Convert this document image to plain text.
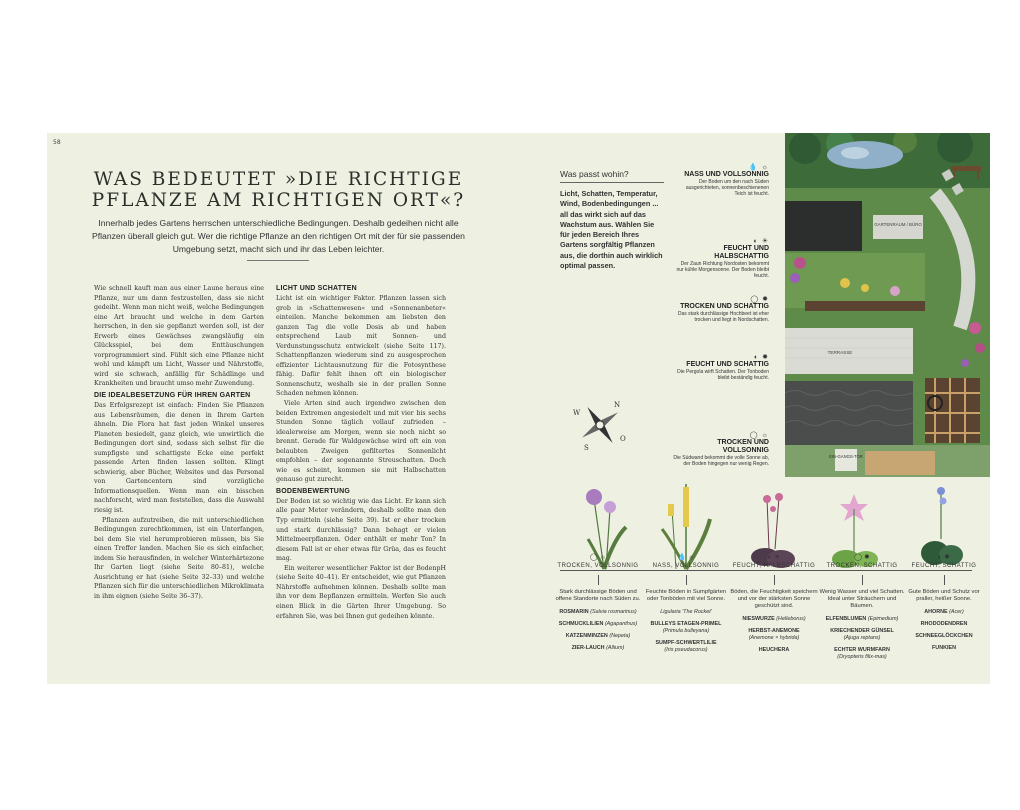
58
WAS BEDEUTET »DIE RICHTIGE
PFLANZE AM RICHTIGEN ORT«?
Innerhalb jedes Gartens herrschen unterschiedliche Bedingungen. Deshalb gedeihen nicht alle Pflanzen überall gleich gut. Wer die richtige Pflanze an den richtigen Ort mit der für sie passenden Umgebung setzt, macht sich und ihr das Leben leichter.

Wie schnell kauft man aus einer Laune heraus eine Pflanze, nur um dann festzustellen, dass sie nicht gedeiht. Wenn man nicht weiß, welche Bedingungen eine Art braucht und welche in dem Garten herrschen, in den sie gepflanzt werden soll, ist der Erwerb eines Gewächses zwangsläufig ein Glücksspiel, bei dem Enttäuschungen vorprogrammiert sind. Fühlt sich eine Pflanze nicht wohl und kämpft um Licht, Wasser und Nährstoffe, wird sie schwach, anfällig für Schädlinge und Krankheiten und braucht umso mehr Zuwendung.

DIE IDEALBESETZUNG FÜR IHREN GARTEN

Das Erfolgsrezept ist einfach: Finden Sie Pflanzen aus Lebensräumen, die denen in Ihrem Garten ähneln. Die Flora hat fast jeden Winkel unseres Planeten besiedelt, ganz gleich, wie unwirtlich die Bedingungen dort sind, sodass sich selbst für die sumpfigste und schattigste Ecke eine perfekt passende Arten finden lassen sollten. Klingt schwierig, aber Bücher, Websites und das Personal von Gartencentern sind vorzügliche Informationsquellen. Wenn man ein bisschen nachforscht, wird man feststellen, dass die Auswahl riesig ist.

Pflanzen aufzutreiben, die mit unterschiedlichen Bedingungen zurechtkommen, ist ein Unterfangen, bei dem Sie viel herumprobieren müssen, bis Sie einen Treffer landen. Machen Sie es sich einfacher, indem Sie herausfinden, in welcher Winterhärtezone Ihr Garten liegt (siehe Seite 80–81), welche Ausrichtung er hat (siehe Seite 32–33) und welche Pflanzen sich für die unterschiedlichen Mikroklimata in ihm eignen (siehe Seite 36–37).

LICHT UND SCHATTEN

Licht ist ein wichtiger Faktor. Pflanzen lassen sich grob in »Schattenwesen« und »Sonnenanbeter« einteilen. Manche bekommen am liebsten den ganzen Tag die volle Dosis ab und haben entsprechend Laub mit Sonnen- und Verdunstungsschutz entwickelt (siehe Seite 117). Schattenpflanzen wiederum sind zu ausgesprochen effizienter Lichtausnutzung für die Fotosynthese fähig. Dafür fehlt ihnen oft ein biologischer Sonnenschutz, weshalb sie in der prallen Sonne Schaden nehmen können.

Viele Arten sind auch irgendwo zwischen den beiden Extremen angesiedelt und mit vier bis sechs Stunden Sonne täglich vollauf zufrieden – idealerweise am Morgen, wenn sie noch nicht so brennt. Gerade für Waldgewächse wird oft ein von belaubten Zweigen gefiltertes Sonnenlicht empfohlen – der sogenannte Streuschatten. Doch wie es scheint, kommen sie mit Halbschatten genauso gut zurecht.

BODENBEWERTUNG

Der Boden ist so wichtig wie das Licht. Er kann sich alle paar Meter verändern, deshalb sollte man den Typ ermitteln (siehe Seite 39). Ist er eher trocken und stark durchlässig? Dann behagt er vielen Mittelmeerpflanzen. Oder enthält er mehr Ton? In diesem Fall ist er eher etwas für Grüa, das es feucht mag.

Ein weiterer wesentlicher Faktor ist der BodenpH (siehe Seite 40–41). Er entscheidet, wie gut Pflanzen Nährstoffe aufnehmen können. Deshalb sollte man ihn vor dem Bepflanzen ermitteln. Werfen Sie auch einen Blick in die Gärten Ihrer Umgebung. So erfahren Sie, was bei Ihnen gut gedeihen könnte.

Was passt wohin?
Licht, Schatten, Temperatur, Wind, Bodenbedingungen ... all das wirkt sich auf das Wachstum aus. Wählen Sie für jeden Bereich Ihres Gartens sorgfältig Pflanzen aus, die dorthin auch wirklich optimal passen.
💧 ☼
NASS UND VOLLSONNIG
Der Boden um den nach Süden ausgerichteten, sonnenbeschienenen Teich ist feucht.
◐ ☀
FEUCHT UND HALBSCHATTIG
Der Zaun Richtung Nordosten bekommt nur kühle Morgensonne. Der Boden bleibt feucht.
◯ ✹
TROCKEN UND SCHATTIG
Das stark durchlässige Hochbeet ist eher trocken und liegt in Nordschatten.
◐ ✹
FEUCHT UND SCHATTIG
Die Pergola wirft Schatten. Der Tonboden bleibt beständig feucht.
◯ ☼
TROCKEN UND VOLLSONNIG
Die Südwand bekommt die volle Sonne ab, der Boden hingegen nur wenig Regen.
GARTENRAUM / BÜRO
TERRASSE
EIN-GANGS-TOR
N
O
S
W
◯ ☼
TROCKEN, VOLLSONNIG
Stark durchlässige Böden und offene Standorte nach Süden zu.
ROSMARIN (Salvia rosmarinus)
SCHMUCKLILIEN (Agapanthus)
KATZENMINZEN (Nepeta)
ZIER-LAUCH (Allium)
💧 ☼
NASS, VOLLSONNIG
Feuchte Böden in Sumpfgärten oder Tonböden mit viel Sonne.
Ligularia 'The Rocket'
BULLEYS ETAGEN-PRIMEL
(Primula bulleyana)
SUMPF-SCHWERTLILIE
(Iris pseudacorus)
◐ ☀
FEUCHT, HALBSCHATTIG
Böden, die Feuchtigkeit speichern und vor der stärksten Sonne geschützt sind.
NIESWURZE (Helleborus)
HERBST-ANEMONE
(Anemone × hybrida)
HEUCHERA
◯ ✹
TROCKEN, SCHATTIG
Wenig Wasser und viel Schatten. Ideal unter Sträuchern und Bäumen.
ELFENBLUMEN (Epimedium)
KRIECHENDER GÜNSEL
(Ajuga reptans)
ECHTER WURMFARN
(Dryopteris filix-mas)
◐ ✹
FEUCHT, SCHATTIG
Gute Böden und Schutz vor praller, heißer Sonne.
AHORNE (Acer)
RHODODENDREN
SCHNEEGLÖCKCHEN
FUNKIEN
